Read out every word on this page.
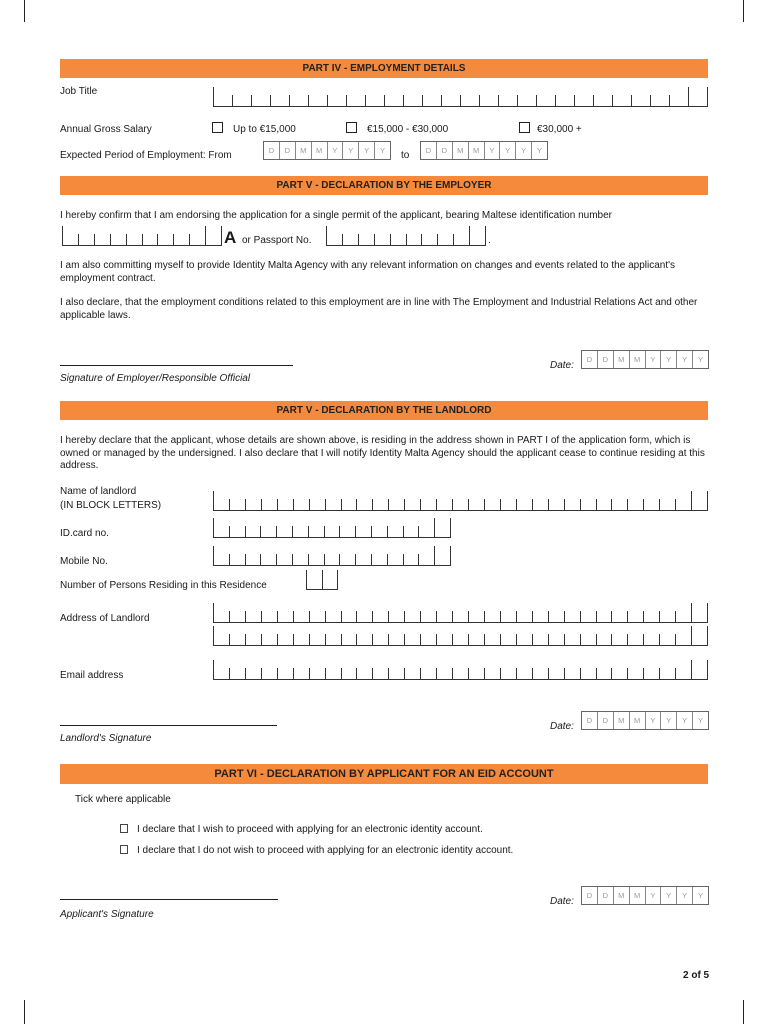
PART IV - EMPLOYMENT DETAILS
Job Title
Annual Gross Salary	Up to €15,000	€15,000 - €30,000	€30,000 +
Expected Period of Employment: From	D	D	M	M	Y	Y	Y	Y	to	D	D	M	M	Y	Y	Y	Y
PART V - DECLARATION BY THE EMPLOYER
I hereby confirm that I am endorsing the application for a single permit of the applicant, bearing Maltese identification number
A or Passport No.	.
I am also committing myself to provide Identity Malta Agency with any relevant information on changes and events related to the applicant's employment contract.
I also declare, that the employment conditions related to this employment are in line with The Employment and Industrial Relations Act and other applicable laws.
Signature of Employer/Responsible Official
Date:
D	D	M	M	Y	Y	Y	Y
PART V - DECLARATION BY THE LANDLORD
I hereby declare that the applicant, whose details are shown above, is residing in the address shown in PART I of the application form, which is owned or managed by the undersigned. I also declare that I will notify Identity Malta Agency should the applicant cease to continue residing at this address.
Name of landlord
(IN BLOCK LETTERS)
ID.card no.
Mobile No.
Number of Persons Residing in this Residence
Address of Landlord
Email address
Landlord's Signature
Date:
D	D	M	M	Y	Y	Y	Y
PART VI - DECLARATION BY APPLICANT FOR AN EID ACCOUNT
Tick where applicable
I declare that I wish to proceed with applying for an electronic identity account.
I declare that I do not wish to proceed with applying for an electronic identity account.
Applicant's Signature
Date:
D	D	M	M	Y	Y	Y	Y
2 of 5
